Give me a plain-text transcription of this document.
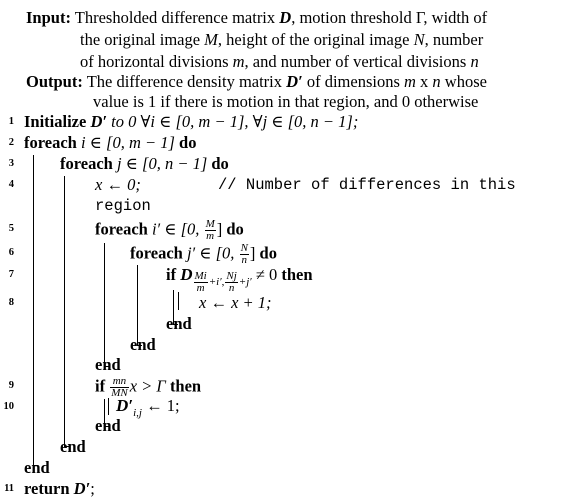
Input: Thresholded difference matrix D, motion threshold Γ, width of
the original image M, height of the original image N, number
of horizontal divisions m, and number of vertical divisions n
Output: The difference density matrix D′ of dimensions m x n whose
value is 1 if there is motion in that region, and 0 otherwise
1
2
3
4
5
6
7
8
9
10
11
Initialize D′ to 0 ∀i ∈ [0, m − 1], ∀j ∈ [0, n − 1];
foreach i ∈ [0, m − 1] do
foreach j ∈ [0, n − 1] do
x ← 0;	// Number of differences in this
region
foreach i′ ∈ [0, $\frac{M}{m}$ ] do
foreach j′ ∈ [0, $\frac{N}{n}$ ] do
if D $_{\frac{Mi}{m} +i', \frac{Nj}{n} +j'}$ ≠ 0 then
x ← x + 1;
end
end
end
if $\frac{mn}{MN}$ x > Γ then
$D'_{i,j}$ ← 1;
end
end
end
return D′;
